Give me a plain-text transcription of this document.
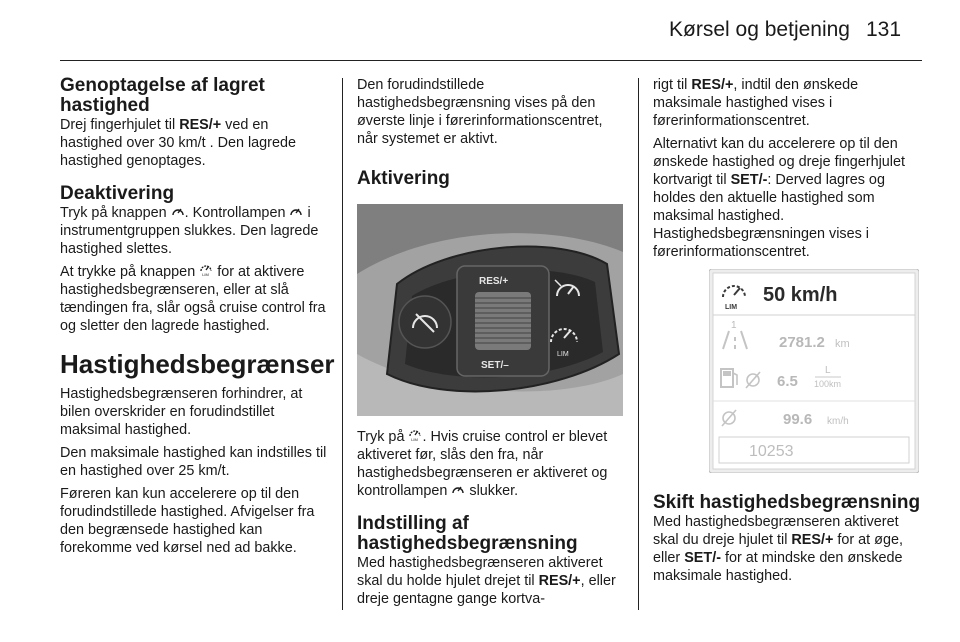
Kørsel og betjening 131
Genoptagelse af lagret hastighed

Drej fingerhjulet til RES/+ ved en hastighed over 30 km/t . Den lagrede hastighed genoptages.

Deaktivering

Tryk på knappen . Kontrollampen  i instrumentgruppen slukkes. Den lagrede hastighed slettes.

At trykke på knappen LIM for at aktivere hastighedsbegrænseren, eller at slå tændingen fra, slår også cruise control fra og sletter den lagrede hastighed.

Hastighedsbegrænser

Hastighedsbegrænseren forhindrer, at bilen overskrider en forudindstillet maksimal hastighed.

Den maksimale hastighed kan indstilles til en hastighed over 25 km/t.

Føreren kan kun accelerere op til den forudindstillede hastighed. Afvigelser fra den begrænsede hastighed kan forekomme ved kørsel ned ad bakke.

Den forudindstillede hastighedsbegrænsning vises på den øverste linje i førerinformationscentret, når systemet er aktivt.

Aktivering
RES/+
SET/–
LIM

Tryk på LIM . Hvis cruise control er blevet aktiveret før, slås den fra, når hastighedsbegrænseren er aktiveret og kontrollampen  slukker.

Indstilling af hastighedsbegrænsning

Med hastighedsbegrænseren aktiveret skal du holde hjulet drejet til RES/+, eller dreje gentagne gange kortva-

rigt til RES/+, indtil den ønskede maksimale hastighed vises i førerinformationscentret.

Alternativt kan du accelerere op til den ønskede hastighed og dreje fingerhjulet kortvarigt til SET/-: Derved lagres og holdes den aktuelle hastighed som maksimal hastighed. Hastighedsbegrænsningen vises i førerinformationscentret.

LIM
50 km/h
1
2781.2 km
6.5
L
100km
99.6 km/h
10253
Skift hastighedsbegrænsning

Med hastighedsbegrænseren aktiveret skal du dreje hjulet til RES/+ for at øge, eller SET/- for at mindske den ønskede maksimale hastighed.
